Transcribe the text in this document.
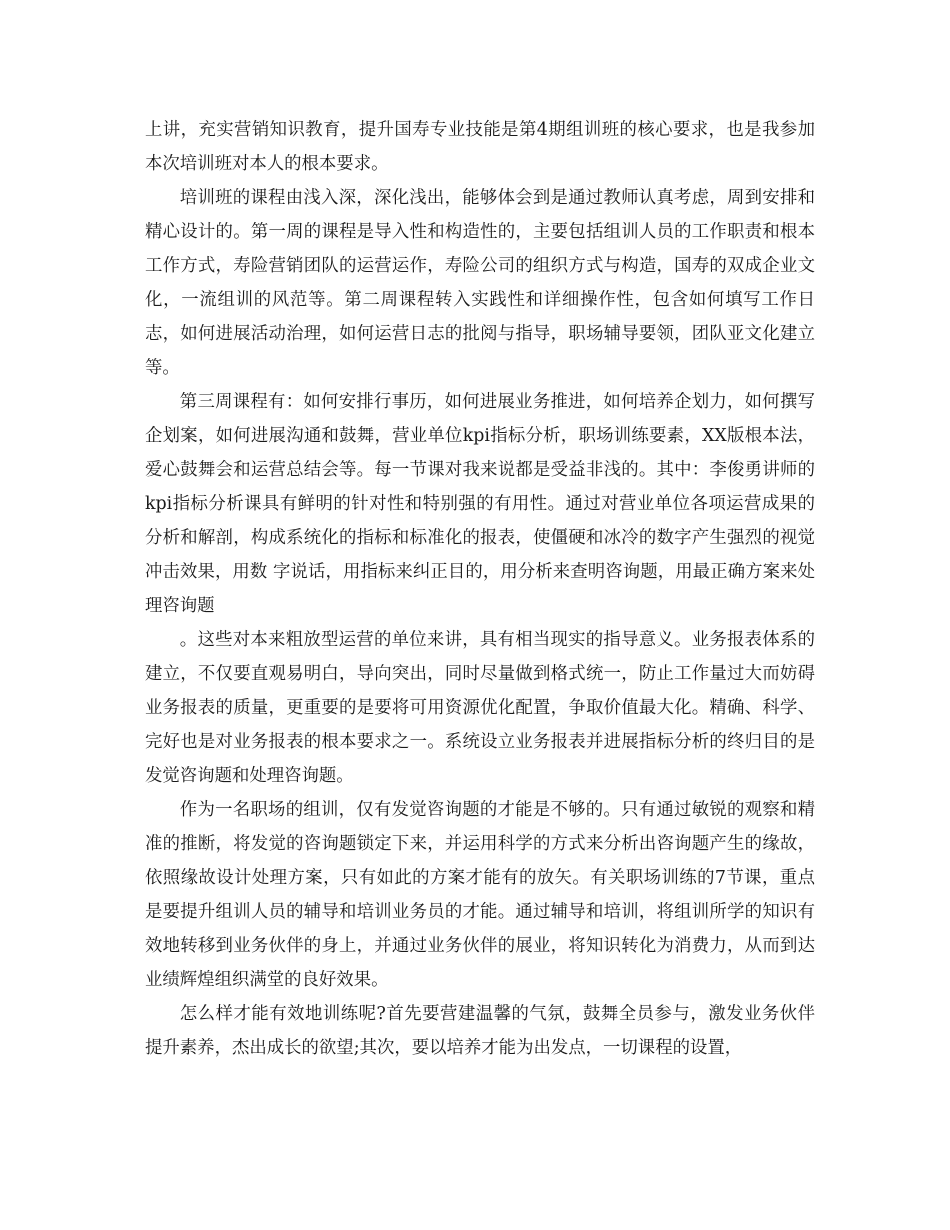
上讲，充实营销知识教育，提升国寿专业技能是第4期组训班的核心要求，也是我参加本次培训班对本人的根本要求。

培训班的课程由浅入深，深化浅出，能够体会到是通过教师认真考虑，周到安排和精心设计的。第一周的课程是导入性和构造性的，主要包括组训人员的工作职责和根本工作方式，寿险营销团队的运营运作，寿险公司的组织方式与构造，国寿的双成企业文化，一流组训的风范等。第二周课程转入实践性和详细操作性，包含如何填写工作日志，如何进展活动治理，如何运营日志的批阅与指导，职场辅导要领，团队亚文化建立等。

第三周课程有：如何安排行事历，如何进展业务推进，如何培养企划力，如何撰写企划案，如何进展沟通和鼓舞，营业单位kpi指标分析，职场训练要素，XX版根本法，爱心鼓舞会和运营总结会等。每一节课对我来说都是受益非浅的。其中：李俊勇讲师的kpi指标分析课具有鲜明的针对性和特别强的有用性。通过对营业单位各项运营成果的分析和解剖，构成系统化的指标和标准化的报表，使僵硬和冰冷的数字产生强烈的视觉冲击效果，用数 字说话，用指标来纠正目的，用分析来查明咨询题，用最正确方案来处理咨询题

。这些对本来粗放型运营的单位来讲，具有相当现实的指导意义。业务报表体系的建立，不仅要直观易明白，导向突出，同时尽量做到格式统一，防止工作量过大而妨碍业务报表的质量，更重要的是要将可用资源优化配置，争取价值最大化。精确、科学、完好也是对业务报表的根本要求之一。系统设立业务报表并进展指标分析的终归目的是发觉咨询题和处理咨询题。

作为一名职场的组训，仅有发觉咨询题的才能是不够的。只有通过敏锐的观察和精准的推断，将发觉的咨询题锁定下来，并运用科学的方式来分析出咨询题产生的缘故，依照缘故设计处理方案，只有如此的方案才能有的放矢。有关职场训练的7节课，重点是要提升组训人员的辅导和培训业务员的才能。通过辅导和培训，将组训所学的知识有效地转移到业务伙伴的身上，并通过业务伙伴的展业，将知识转化为消费力，从而到达业绩辉煌组织满堂的良好效果。

怎么样才能有效地训练呢?首先要营建温馨的气氛，鼓舞全员参与，激发业务伙伴提升素养，杰出成长的欲望;其次，要以培养才能为出发点，一切课程的设置，
